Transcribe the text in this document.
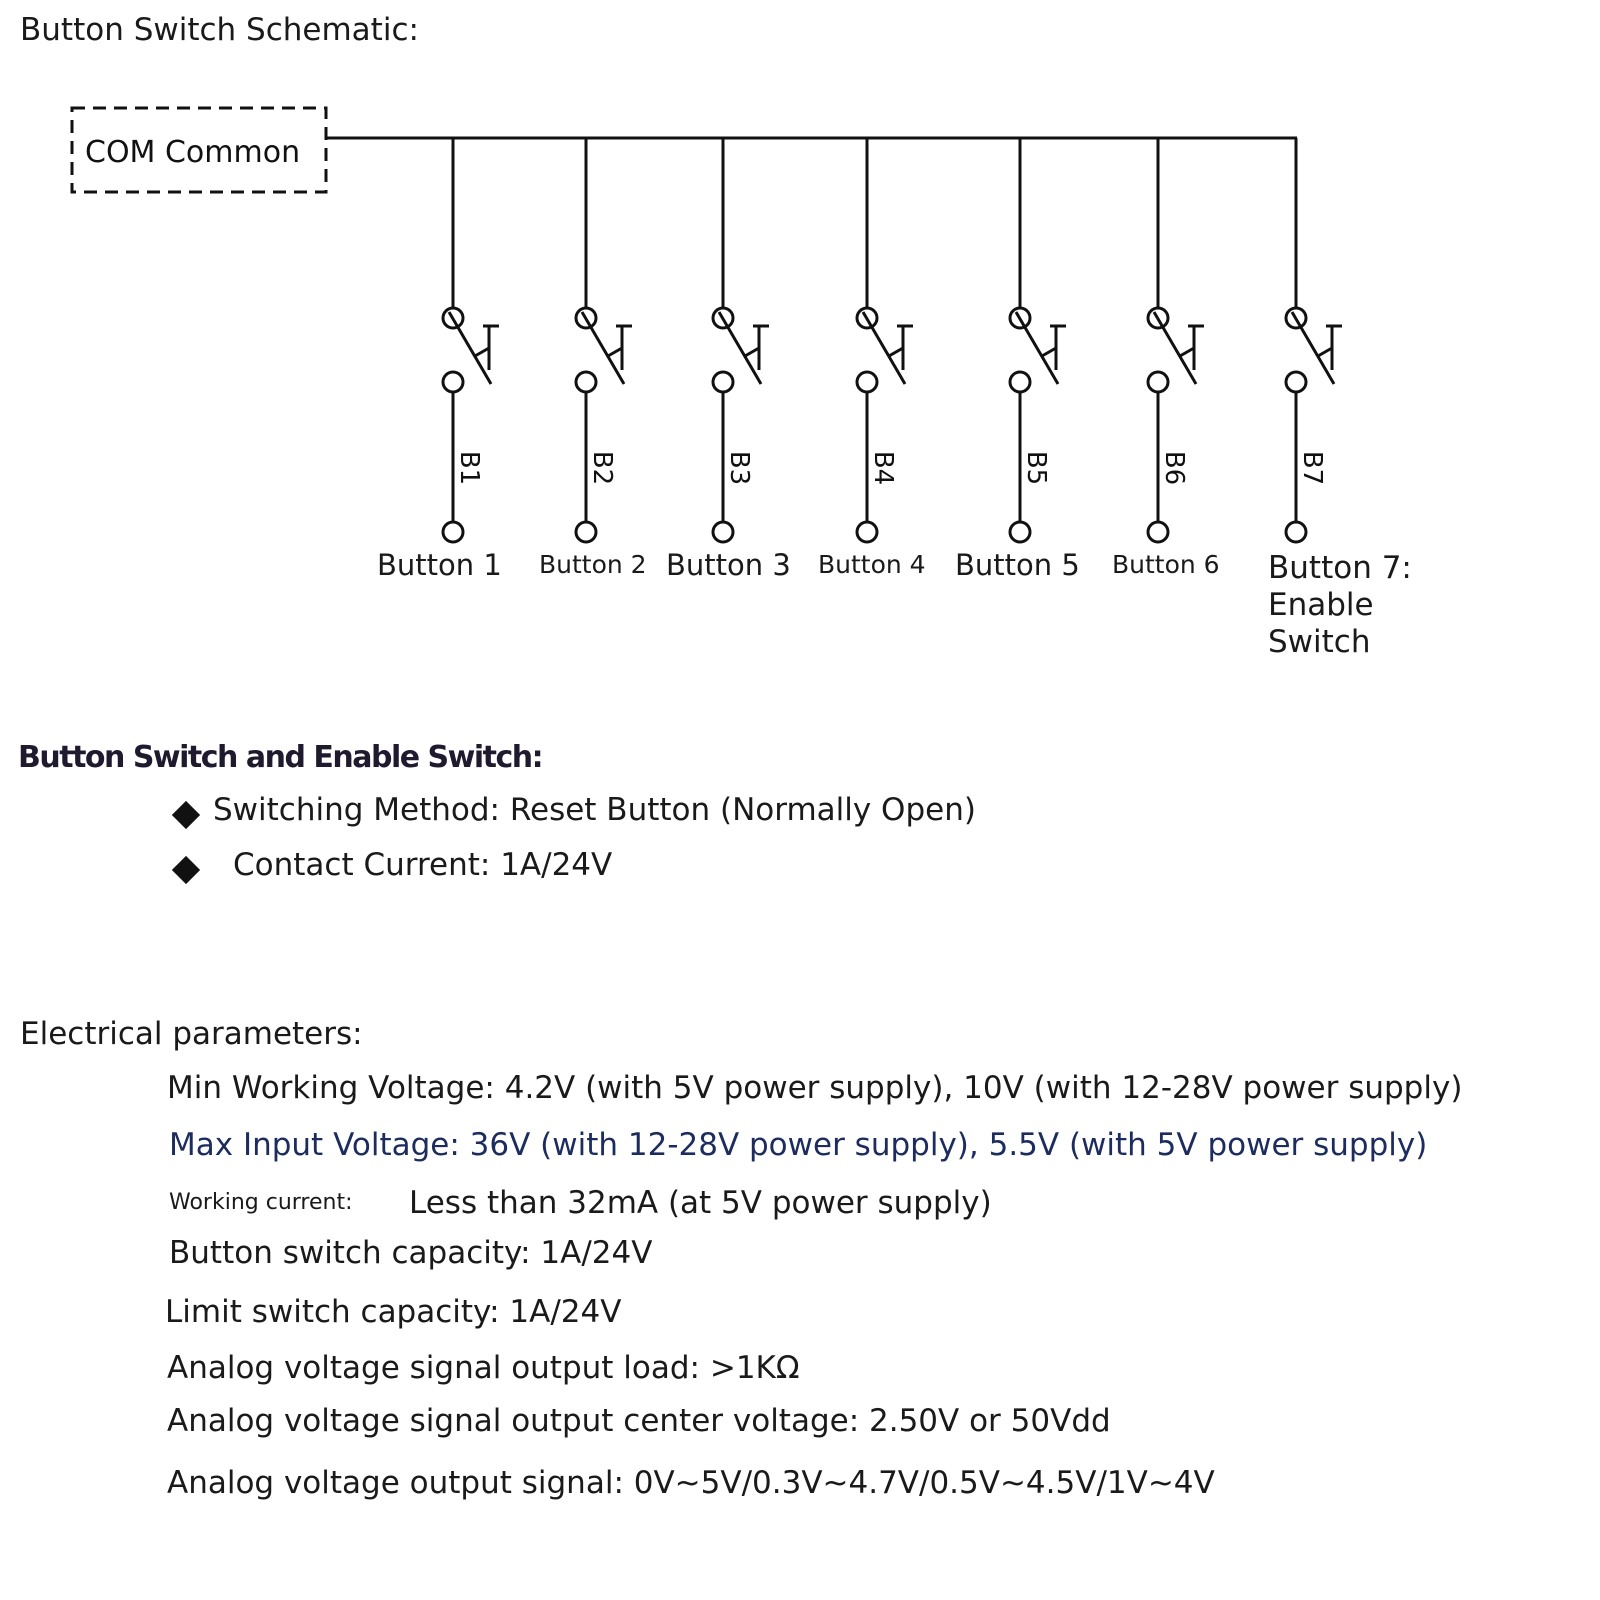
Button Switch Schematic:
COM Common
B1	B2	B3	B4	B5	B6	B7
Button 1 Button 2 Button 3 Button 4 Button 5 Button 6 Button 7: Enable Switch
Button Switch and Enable Switch:
Switching Method: Reset Button (Normally Open)
Contact Current: 1A/24V
Electrical parameters:
Min Working Voltage: 4.2V (with 5V power supply), 10V (with 12-28V power supply)
Max Input Voltage: 36V (with 12-28V power supply), 5.5V (with 5V power supply)
Working current: Less than 32mA (at 5V power supply)
Button switch capacity: 1A/24V
Limit switch capacity: 1A/24V
Analog voltage signal output load: >1KΩ
Analog voltage signal output center voltage: 2.50V or 50Vdd
Analog voltage output signal: 0V~5V/0.3V~4.7V/0.5V~4.5V/1V~4V
